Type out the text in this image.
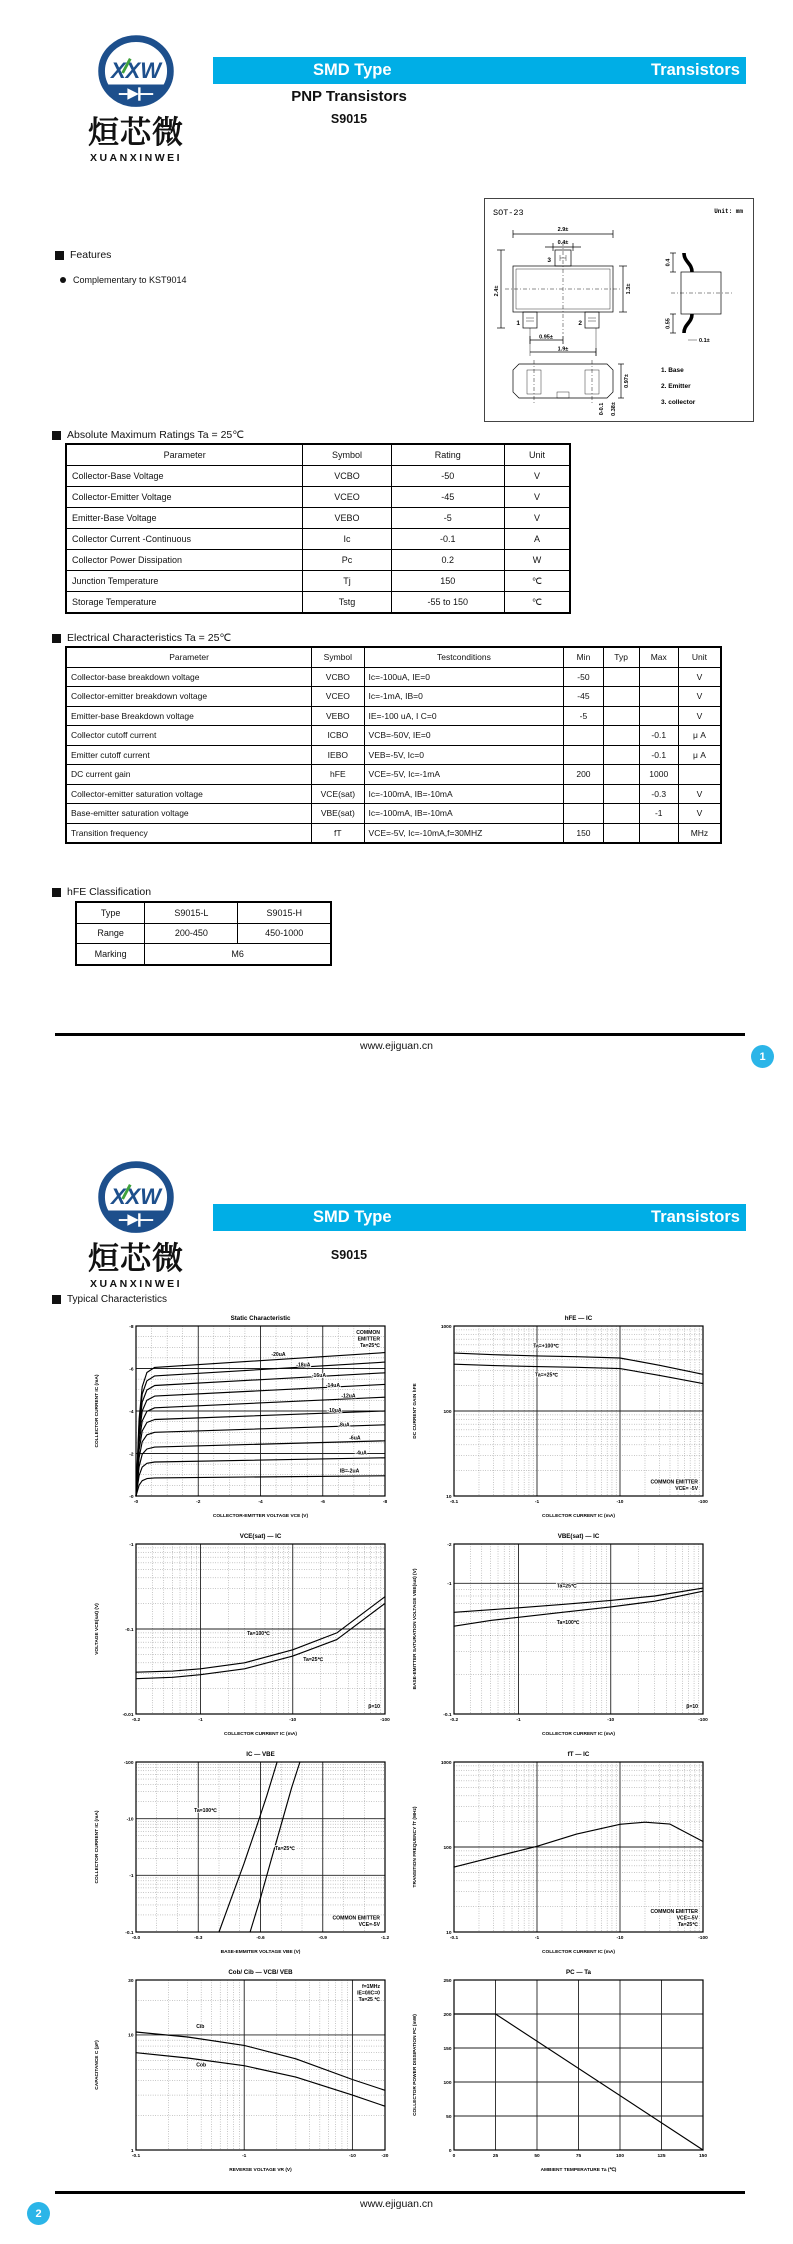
XXW
烜芯微
XUANXINWEI
SMD Type	Transistors
PNP Transistors
S9015
Features
Complementary to KST9014
SOT-23	Unit: mm
2.9±
0.4±
3
1	2
2.4±	1.3±
0.95±
1.9±
0.4
0.55
0.1±
0.97±
0-0.1 0.38±
1. Base
2. Emitter
3. collector
Absolute Maximum Ratings Ta = 25℃
Parameter	Symbol	Rating	Unit
Collector-Base Voltage	VCBO	-50	V
Collector-Emitter Voltage	VCEO	-45	V
Emitter-Base Voltage	VEBO	-5	V
Collector Current -Continuous	Ic	-0.1	A
Collector Power Dissipation	Pc	0.2	W
Junction Temperature	Tj	150	℃
Storage Temperature	Tstg	-55 to 150	℃
Electrical Characteristics Ta = 25℃
Parameter	Symbol	Testconditions	Min	Typ	Max	Unit
Collector-base breakdown voltage	VCBO	Ic=-100uA, IE=0	-50			V
Collector-emitter breakdown voltage	VCEO	Ic=-1mA, IB=0	-45			V
Emitter-base Breakdown voltage	VEBO	IE=-100 uA, I C=0	-5			V
Collector cutoff current	ICBO	VCB=-50V, IE=0			-0.1	μ A
Emitter cutoff current	IEBO	VEB=-5V, Ic=0			-0.1	μ A
DC current gain	hFE	VCE=-5V, Ic=-1mA	200		1000	
Collector-emitter saturation voltage	VCE(sat)	Ic=-100mA, IB=-10mA			-0.3	V
Base-emitter saturation voltage	VBE(sat)	Ic=-100mA, IB=-10mA			-1	V
Transition frequency	fT	VCE=-5V, Ic=-10mA,f=30MHZ	150			MHz
hFE Classification
Type	S9015-L	S9015-H
Range	200-450	450-1000
Marking	M6	
www.ejiguan.cn
1
XXW
烜芯微
XUANXINWEI
SMD Type	Transistors
S9015
Typical Characteristics
-0	-2	-4	-6	-8
-0
-2
-4
-6
-8
Static Characteristic
COLLECTOR-EMITTER VOLTAGE VCE (V)
COLLECTOR CURRENT IC (mA)
-20uA
-18uA
-16uA
-14uA
-12uA
-10uA
-8uA
-6uA
-4uA
IB=-2uA
COMMON
EMITTER
Ta=25℃
-0.1	-1	-10	-100
10
100
1000
hFE — IC
COLLECTOR CURRENT IC (mA)
DC CURRENT GAIN hFE
Ta=+100℃
Ta=+25℃
COMMON EMITTER
VCE= -5V
-0.2	-1	-10	-100
-0.01
-0.1
-1
VCE(sat) — IC
COLLECTOR CURRENT IC (mA)
VOLTAGE VCE(sat) (V)	Ta=100℃
Ta=25℃
β=10
-0.2	-1	-10	-100
-0.1
-1
-2
VBE(sat) — IC
COLLECTOR CURRENT IC (mA)
BASE-EMITTER SATURATION VOLTAGE VBE(sat) (V)	Ta=25℃
Ta=100℃
β=10
-0.0	-0.3	-0.6	-0.9	-1.2
-0.1
-1
-10
-100
IC — VBE
BASE-EMMITER VOLTAGE VBE (V)
COLLECTOR CURRENT IC (mA)	Ta=100℃
Ta=25℃
COMMON EMITTER
VCE=-5V
-0.1	-1	-10	-100
10
100
1000
fT — IC
COLLECTOR CURRENT IC (mA)
TRANSITION FREQUENCY fT (MHz)
COMMON EMITTER
VCE=-5V
Ta=25℃
-0.1	-1	-10	-20
1
10
30
Cob/ Cib — VCB/ VEB
REVERSE VOLTAGE VR (V)
CAPACITANCE C (pF)
Cib
Cob
f=1MHz
IE=0/IC=0
Ta=25 ℃
0	25	50	75	100	125	150
0
50
100
150
200
250
PC — Ta
AMBIENT TEMPERATURE Ta (℃)
COLLECTOR POWER DISSIPATION PC (mW)
www.ejiguan.cn
2
